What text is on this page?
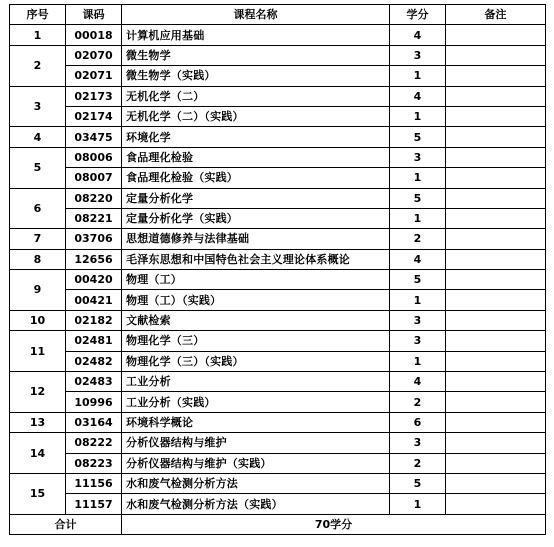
序号	课码	课程名称	学分	备注
1	00018	计算机应用基础	4	
2	02070	微生物学	3	
	02071	微生物学（实践）	1	
3	02173	无机化学（二）	4	
	02174	无机化学（二）（实践）	1	
4	03475	环境化学	5	
5	08006	食品理化检验	3	
	08007	食品理化检验（实践）	1	
6	08220	定量分析化学	5	
	08221	定量分析化学（实践）	1	
7	03706	思想道德修养与法律基础	2	
8	12656	毛泽东思想和中国特色社会主义理论体系概论	4	
9	00420	物理（工）	5	
	00421	物理（工）（实践）	1	
10	02182	文献检索	3	
11	02481	物理化学（三）	3	
	02482	物理化学（三）（实践）	1	
12	02483	工业分析	4	
	10996	工业分析（实践）	2	
13	03164	环境科学概论	6	
14	08222	分析仪器结构与维护	3	
	08223	分析仪器结构与维护（实践）	2	
15	11156	水和废气检测分析方法	5	
	11157	水和废气检测分析方法（实践）	1	
合计		70学分		
